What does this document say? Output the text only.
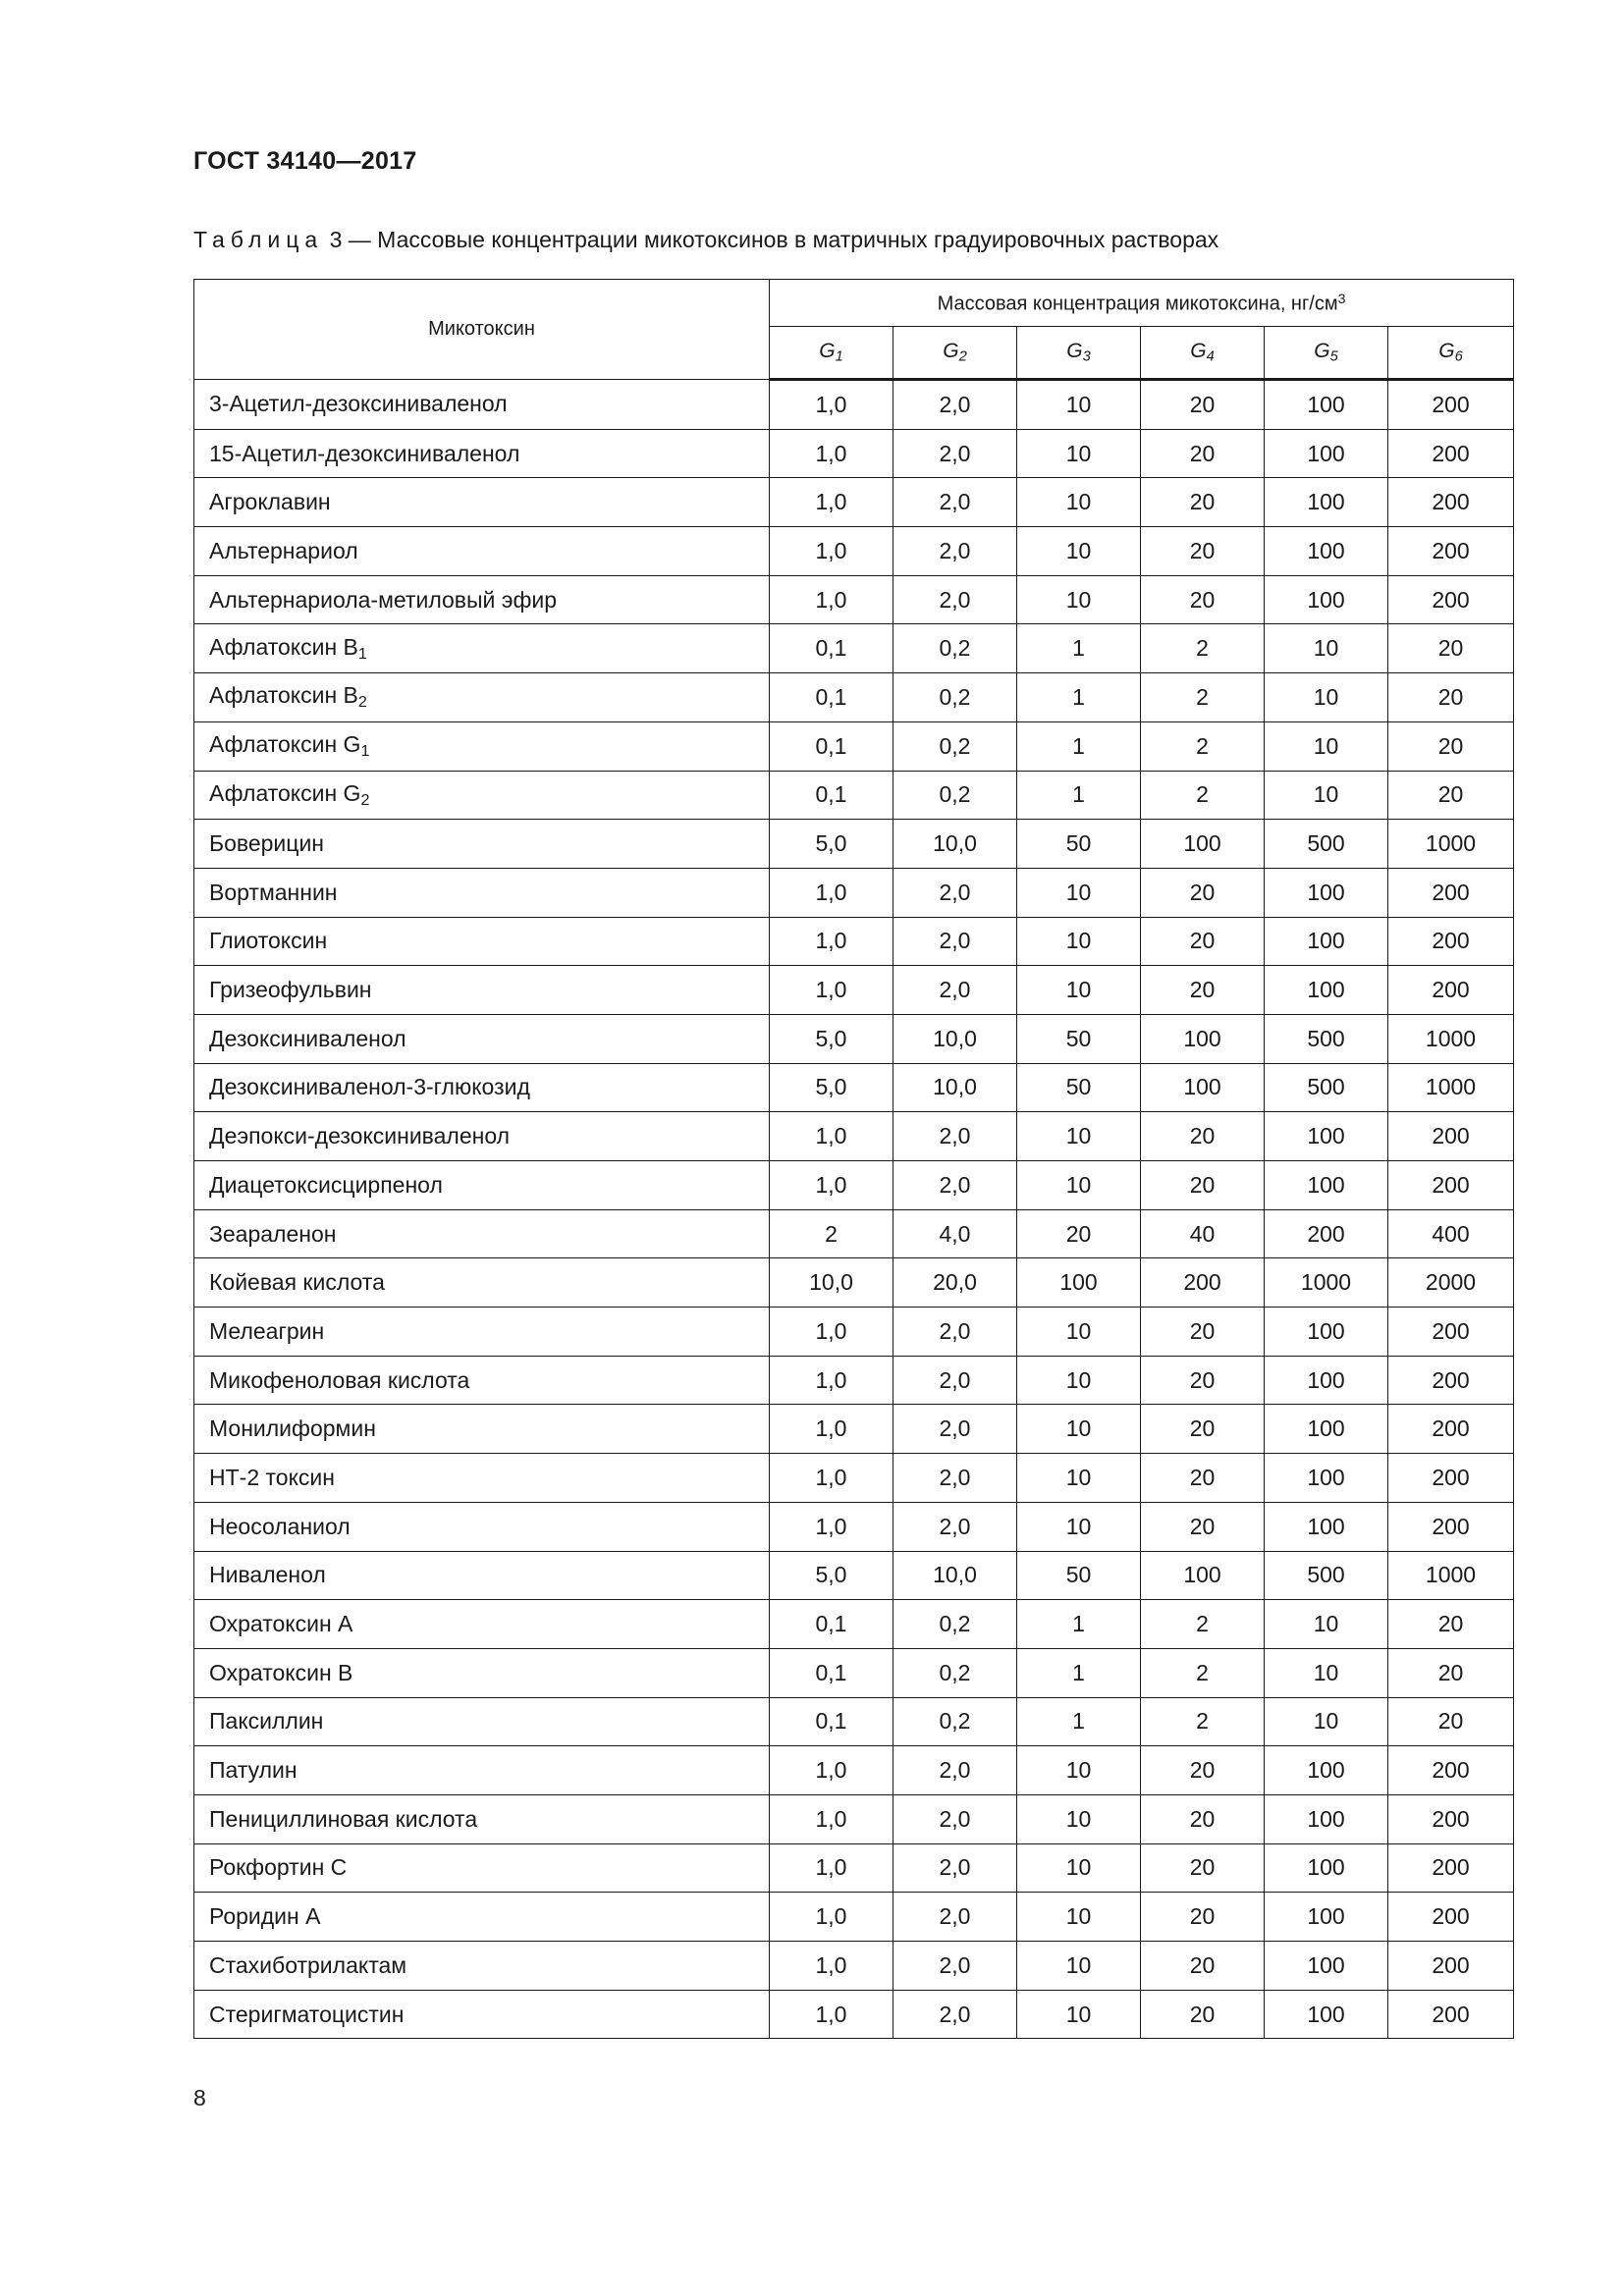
ГОСТ 34140—2017
Таблица 3 — Массовые концентрации микотоксинов в матричных градуировочных растворах
Микотоксин	Массовая концентрация микотоксина, $нг/см^3$
	$G_1$	$G_2$	$G_3$	$G_4$	$G_5$	$G_6$
3-Ацетил-дезоксиниваленол	1,0	2,0	10	20	100	200
15-Ацетил-дезоксиниваленол	1,0	2,0	10	20	100	200
Агроклавин	1,0	2,0	10	20	100	200
Альтернариол	1,0	2,0	10	20	100	200
Альтернариола-метиловый эфир	1,0	2,0	10	20	100	200
Афлатоксин $B_1$	0,1	0,2	1	2	10	20
Афлатоксин $B_2$	0,1	0,2	1	2	10	20
Афлатоксин $G_1$	0,1	0,2	1	2	10	20
Афлатоксин $G_2$	0,1	0,2	1	2	10	20
Боверицин	5,0	10,0	50	100	500	1000
Вортманнин	1,0	2,0	10	20	100	200
Глиотоксин	1,0	2,0	10	20	100	200
Гризеофульвин	1,0	2,0	10	20	100	200
Дезоксиниваленол	5,0	10,0	50	100	500	1000
Дезоксиниваленол-3-глюкозид	5,0	10,0	50	100	500	1000
Деэпокси-дезоксиниваленол	1,0	2,0	10	20	100	200
Диацетоксисцирпенол	1,0	2,0	10	20	100	200
Зеараленон	2	4,0	20	40	200	400
Койевая кислота	10,0	20,0	100	200	1000	2000
Мелеагрин	1,0	2,0	10	20	100	200
Микофеноловая кислота	1,0	2,0	10	20	100	200
Монилиформин	1,0	2,0	10	20	100	200
НТ-2 токсин	1,0	2,0	10	20	100	200
Неосоланиол	1,0	2,0	10	20	100	200
Ниваленол	5,0	10,0	50	100	500	1000
Охратоксин А	0,1	0,2	1	2	10	20
Охратоксин В	0,1	0,2	1	2	10	20
Паксиллин	0,1	0,2	1	2	10	20
Патулин	1,0	2,0	10	20	100	200
Пенициллиновая кислота	1,0	2,0	10	20	100	200
Рокфортин С	1,0	2,0	10	20	100	200
Роридин А	1,0	2,0	10	20	100	200
Стахиботрилактам	1,0	2,0	10	20	100	200
Стеригматоцистин	1,0	2,0	10	20	100	200
8
